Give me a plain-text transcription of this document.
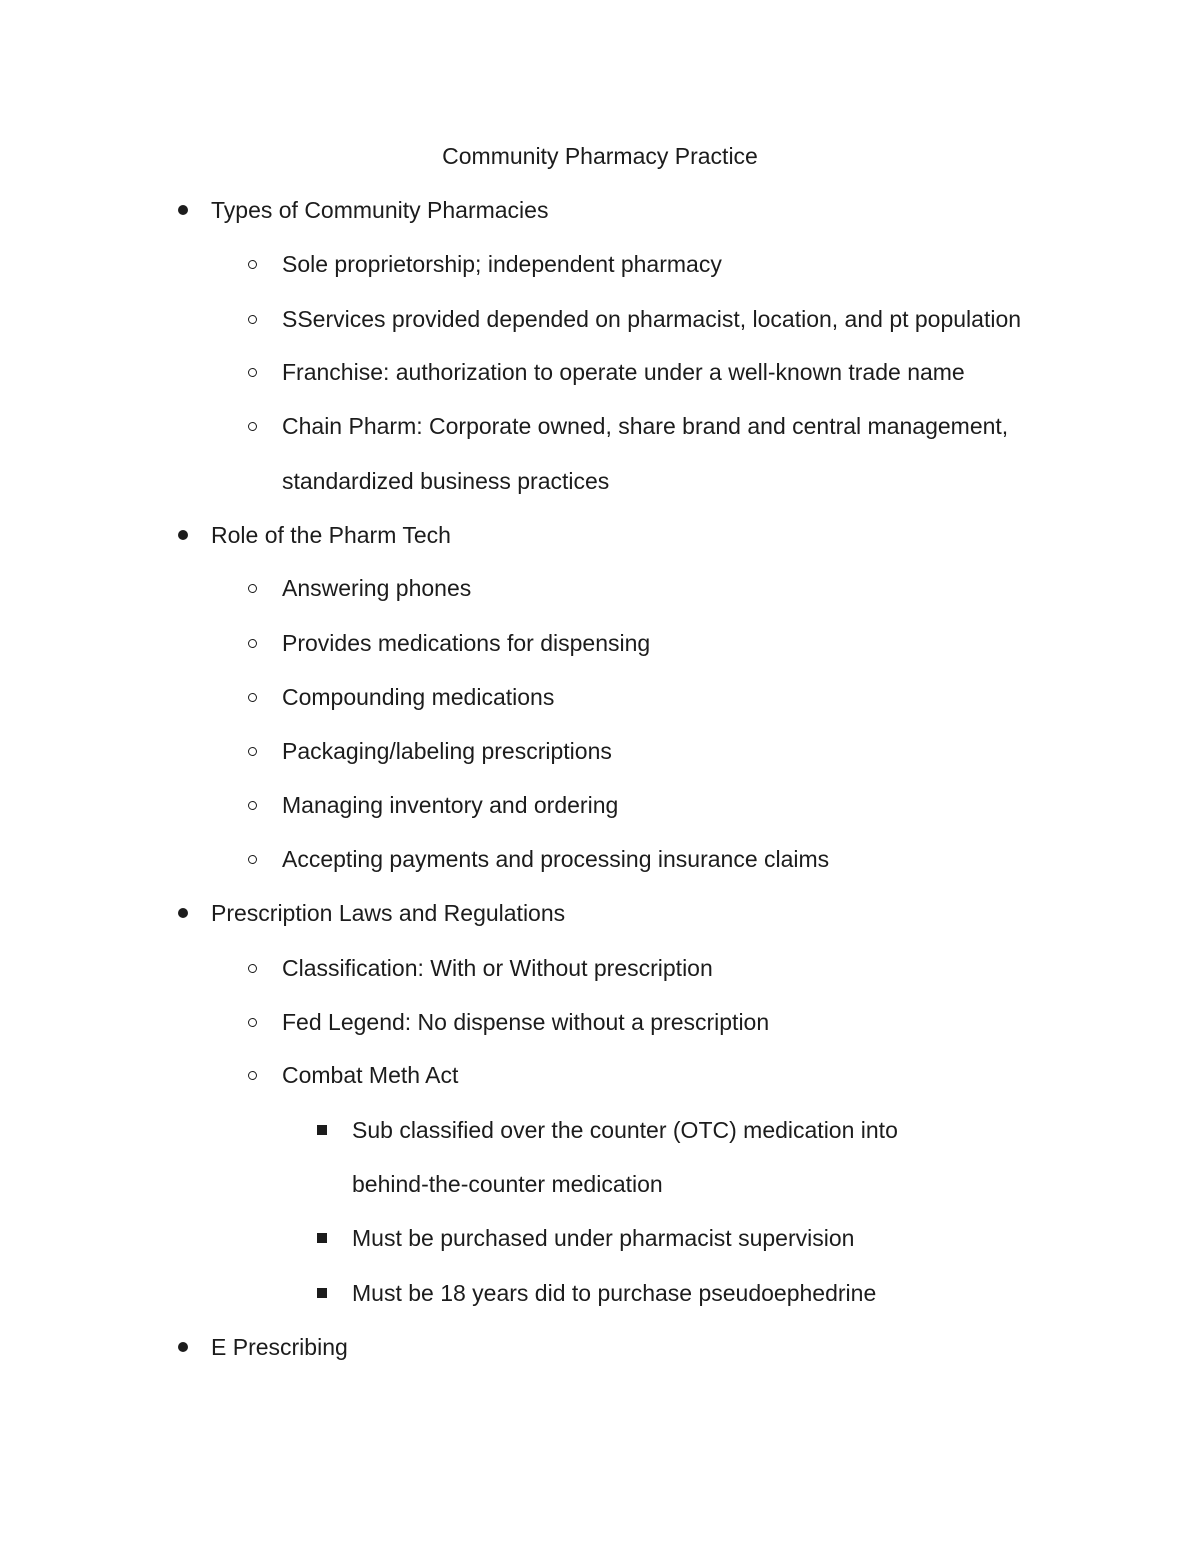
Community Pharmacy Practice
Types of Community Pharmacies
Sole proprietorship; independent pharmacy
SServices provided depended on pharmacist, location, and pt population
Franchise: authorization to operate under a well-known trade name
Chain Pharm: Corporate owned, share brand and central management,
standardized business practices
Role of the Pharm Tech
Answering phones
Provides medications for dispensing
Compounding medications
Packaging/labeling prescriptions
Managing inventory and ordering
Accepting payments and processing insurance claims
Prescription Laws and Regulations
Classification: With or Without prescription
Fed Legend: No dispense without a prescription
Combat Meth Act
Sub classified over the counter (OTC) medication into
behind-the-counter medication
Must be purchased under pharmacist supervision
Must be 18 years did to purchase pseudoephedrine
E Prescribing
